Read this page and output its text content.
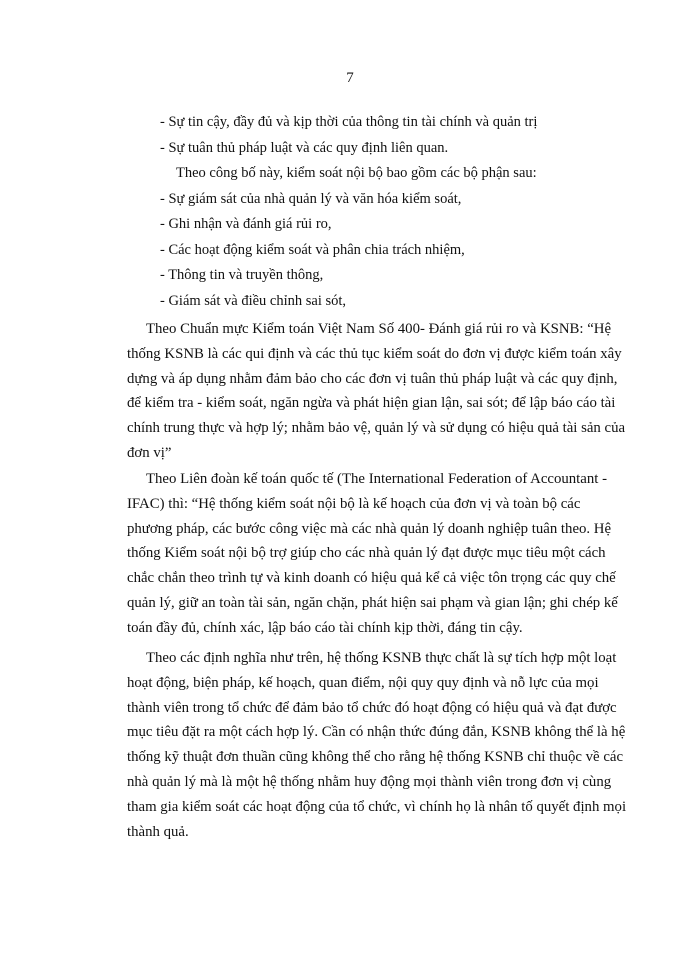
7
- Sự tin cậy, đầy đủ và kịp thời của thông tin tài chính và quản trị
- Sự tuân thủ pháp luật và các quy định liên quan.
Theo công bố này, kiểm soát nội bộ bao gồm các bộ phận sau:
- Sự giám sát của nhà quản lý và văn hóa kiểm soát,
- Ghi nhận và đánh giá rủi ro,
- Các hoạt động kiểm soát và phân chia trách nhiệm,
- Thông tin và truyền thông,
- Giám sát và điều chỉnh sai sót,
Theo Chuẩn mực Kiểm toán Việt Nam Số 400- Đánh giá rủi ro và KSNB: “Hệ
thống KSNB là các qui định và các thủ tục kiểm soát do đơn vị được kiểm toán xây
dựng và áp dụng nhằm đảm bảo cho các đơn vị tuân thủ pháp luật và các quy định,
để kiểm tra - kiểm soát, ngăn ngừa và phát hiện gian lận, sai sót; để lập báo cáo tài
chính trung thực và hợp lý; nhằm bảo vệ, quản lý và sử dụng có hiệu quả tài sản của
đơn vị”
Theo Liên đoàn kế toán quốc tế (The International Federation of Accountant -
IFAC) thì: “Hệ thống kiểm soát nội bộ là kế hoạch của đơn vị và toàn bộ các
phương pháp, các bước công việc mà các nhà quản lý doanh nghiệp tuân theo. Hệ
thống Kiểm soát nội bộ trợ giúp cho các nhà quản lý đạt được mục tiêu một cách
chắc chắn theo trình tự và kinh doanh có hiệu quả kể cả việc tôn trọng các quy chế
quản lý, giữ an toàn tài sản, ngăn chặn, phát hiện sai phạm và gian lận; ghi chép kế
toán đầy đủ, chính xác, lập báo cáo tài chính kịp thời, đáng tin cậy.
Theo các định nghĩa như trên, hệ thống KSNB thực chất là sự tích hợp một loạt
hoạt động, biện pháp, kế hoạch, quan điểm, nội quy quy định và nỗ lực của mọi
thành viên trong tổ chức để đảm bảo tổ chức đó hoạt động có hiệu quả và đạt được
mục tiêu đặt ra một cách hợp lý. Cần có nhận thức đúng đắn, KSNB không thể là hệ
thống kỹ thuật đơn thuần cũng không thể cho rằng hệ thống KSNB chỉ thuộc về các
nhà quản lý mà là một hệ thống nhằm huy động mọi thành viên trong đơn vị cùng
tham gia kiểm soát các hoạt động của tổ chức, vì chính họ là nhân tố quyết định mọi
thành quả.
